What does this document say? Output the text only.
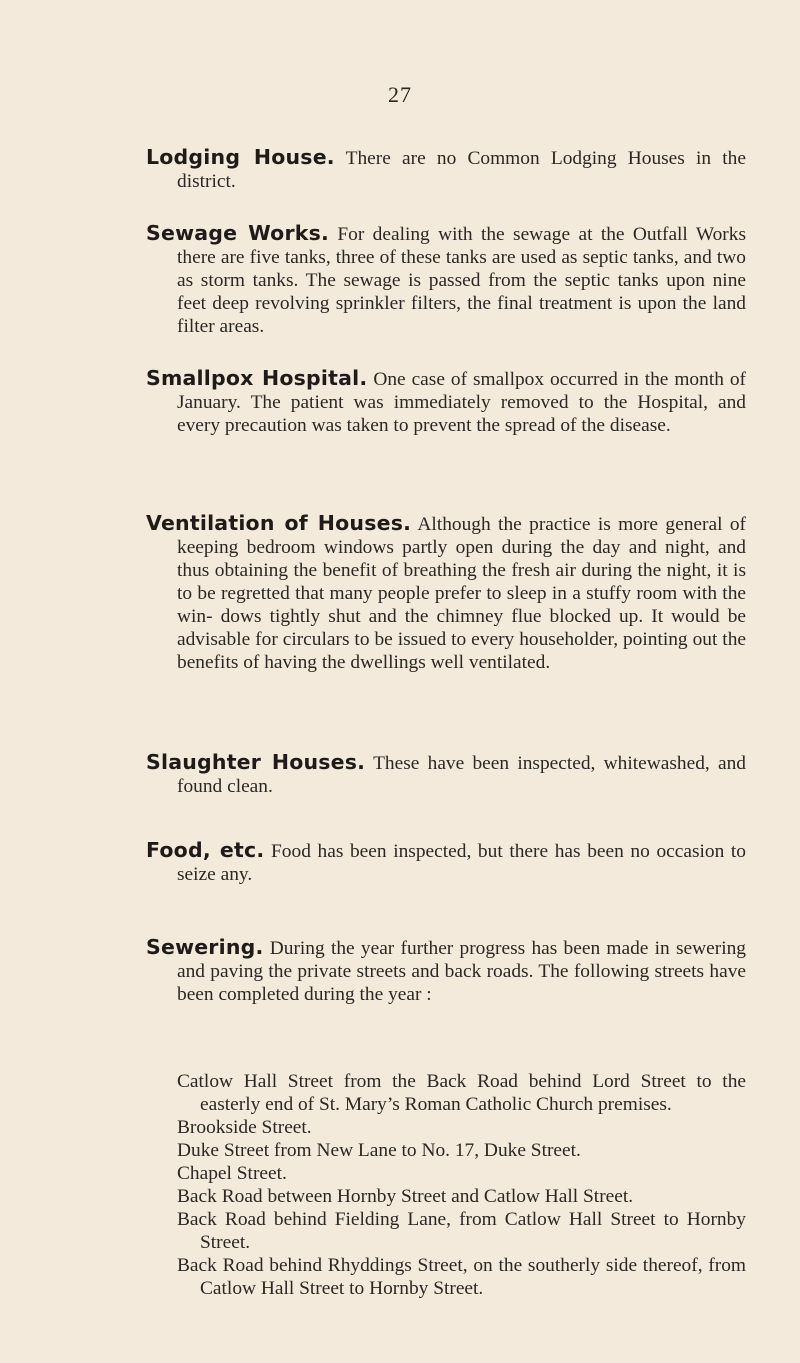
27

Lodging House. There are no Common Lodging Houses in the district.

Sewage Works. For dealing with the sewage at the Outfall Works there are five tanks, three of these tanks are used as septic tanks, and two as storm tanks. The sewage is passed from the septic tanks upon nine feet deep revolving sprinkler filters, the final treatment is upon the land filter areas.

Smallpox Hospital. One case of smallpox occurred in the month of January. The patient was immediately removed to the Hospital, and every precaution was taken to prevent the spread of the disease.

Ventilation of Houses. Although the practice is more general of keeping bedroom windows partly open during the day and night, and thus obtaining the benefit of breathing the fresh air during the night, it is to be regretted that many people prefer to sleep in a stuffy room with the win- dows tightly shut and the chimney flue blocked up. It would be advisable for circulars to be issued to every householder, pointing out the benefits of having the dwellings well ventilated.

Slaughter Houses. These have been inspected, whitewashed, and found clean.

Food, etc. Food has been inspected, but there has been no occasion to seize any.

Sewering. During the year further progress has been made in sewering and paving the private streets and back roads. The following streets have been completed during the year :

Catlow Hall Street from the Back Road behind Lord Street to the easterly end of St. Mary’s Roman Catholic Church premises.
Brookside Street.
Duke Street from New Lane to No. 17, Duke Street.
Chapel Street.
Back Road between Hornby Street and Catlow Hall Street.
Back Road behind Fielding Lane, from Catlow Hall Street to Hornby Street.
Back Road behind Rhyddings Street, on the southerly side thereof, from Catlow Hall Street to Hornby Street.
